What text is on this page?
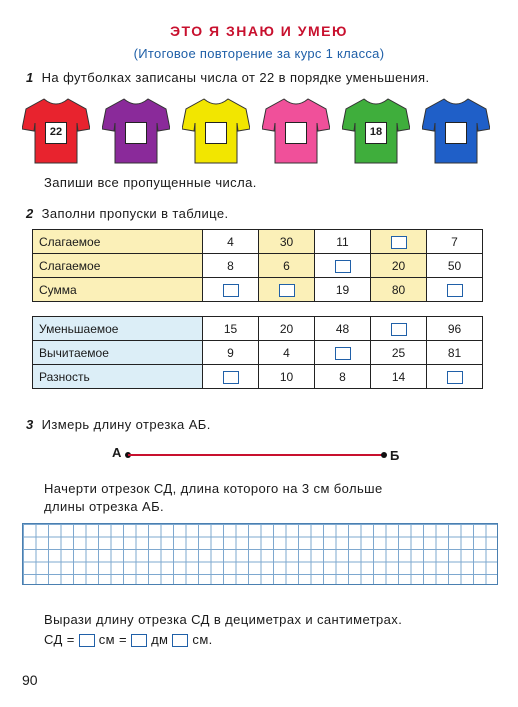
ЭТО Я ЗНАЮ И УМЕЮ
(Итоговое повторение за курс 1 класса)
1 На футболках записаны числа от 22 в порядке уменьшения.
22	18
Запиши все пропущенные числа.
2 Заполни пропуски в таблице.
Слагаемое	4	30	11		7
Слагаемое	8	6		20	50
Сумма			19	80	
Уменьшаемое	15	20	48		96
Вычитаемое	9	4		25	81
Разность		10	8	14	
3 Измерь длину отрезка АБ.
А	Б
Начерти отрезок СД, длина которого на 3 см больше
длины отрезка АБ.
Вырази длину отрезка СД в дециметрах и сантиметрах.
СД = см = дм см.
90
